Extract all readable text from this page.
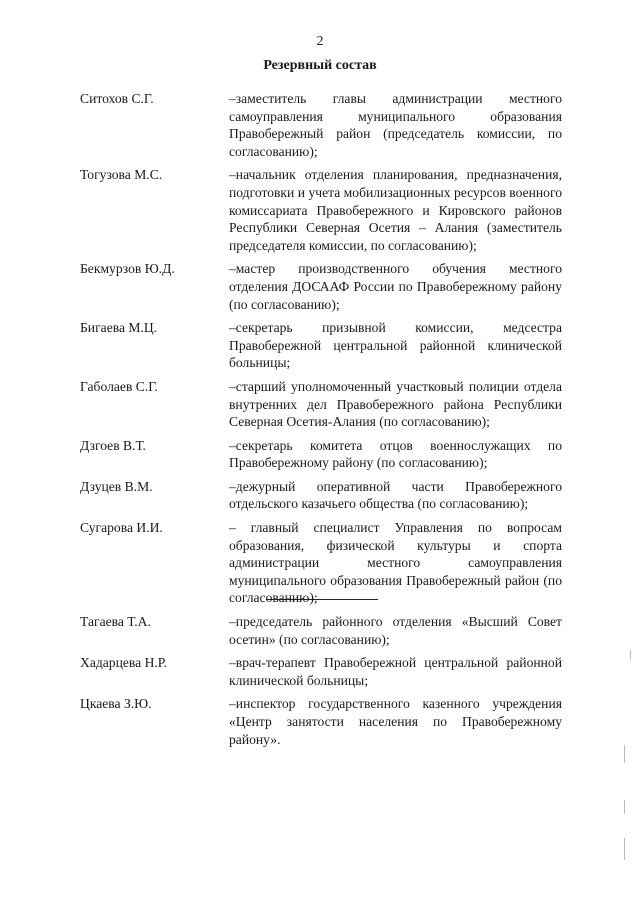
2
Резервный состав
Ситохов С.Г.	–заместитель главы администрации местного самоуправления муниципального образования Правобережный район (председатель комиссии, по согласованию);
Тогузова М.С.	–начальник отделения планирования, предназначения, подготовки и учета мобилизационных ресурсов военного комиссариата Правобережного и Кировского районов Республики Северная Осетия – Алания (заместитель председателя комиссии, по согласованию);
Бекмурзов Ю.Д.	–мастер производственного обучения местного отделения ДОСААФ России по Правобережному району (по согласованию);
Бигаева М.Ц.	–секретарь призывной комиссии, медсестра Правобережной центральной районной клинической больницы;
Габолаев С.Г.	–старший уполномоченный участковый полиции отдела внутренних дел Правобережного района Республики Северная Осетия-Алания (по согласованию);
Дзгоев В.Т.	–секретарь комитета отцов военнослужащих по Правобережному району (по согласованию);
Дзуцев В.М.	–дежурный оперативной части Правобережного отдельского казачьего общества (по согласованию);
Сугарова И.И.	– главный специалист Управления по вопросам образования, физической культуры и спорта администрации местного самоуправления муниципального образования Правобережный район (по согласованию);
Тагаева Т.А.	–председатель районного отделения «Высший Совет осетин» (по согласованию);
Хадарцева Н.Р.	–врач-терапевт Правобережной центральной районной клинической больницы;
Цкаева З.Ю.	–инспектор государственного казенного учреждения «Центр занятости населения по Правобережному району».
